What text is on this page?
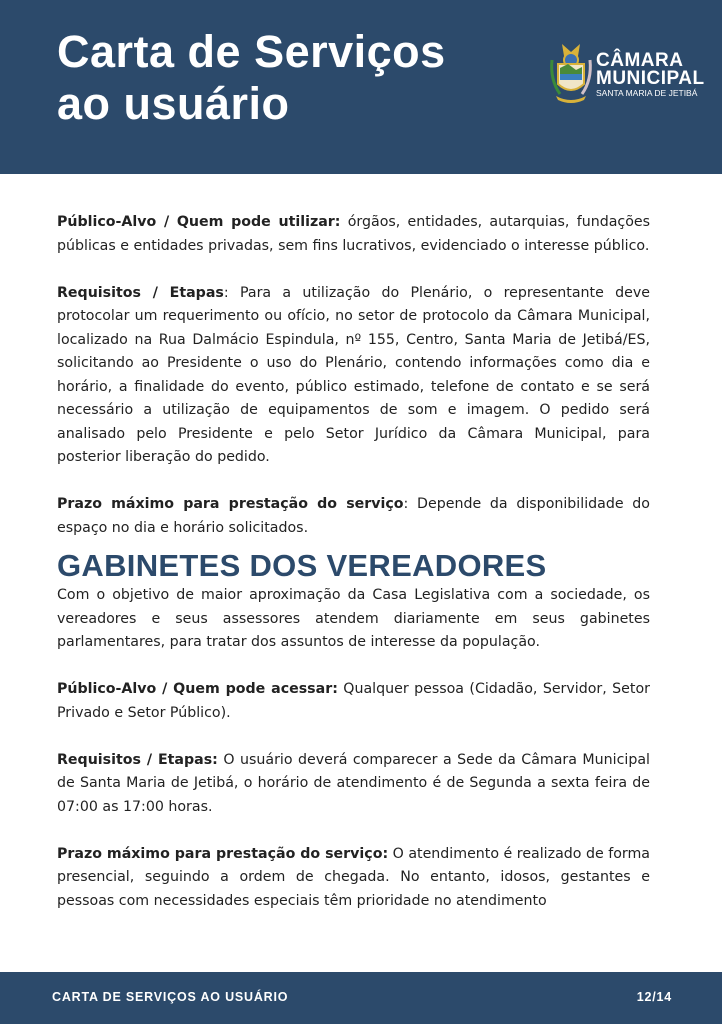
Carta de Serviços
ao usuário
CÂMARA
MUNICIPAL
SANTA MARIA DE JETIBÁ

Público-Alvo / Quem pode utilizar: órgãos, entidades, autarquias, fundações públicas e entidades privadas, sem fins lucrativos, evidenciado o interesse público.

Requisitos / Etapas: Para a utilização do Plenário, o representante deve protocolar um requerimento ou ofício, no setor de protocolo da Câmara Municipal, localizado na Rua Dalmácio Espindula, nº 155, Centro, Santa Maria de Jetibá/ES, solicitando ao Presidente o uso do Plenário, contendo informações como dia e horário, a finalidade do evento, público estimado, telefone de contato e se será necessário a utilização de equipamentos de som e imagem. O pedido será analisado pelo Presidente e pelo Setor Jurídico da Câmara Municipal, para posterior liberação do pedido.

Prazo máximo para prestação do serviço: Depende da disponibilidade do espaço no dia e horário solicitados.

GABINETES DOS VEREADORES

Com o objetivo de maior aproximação da Casa Legislativa com a sociedade, os vereadores e seus assessores atendem diariamente em seus gabinetes parlamentares, para tratar dos assuntos de interesse da população.

Público-Alvo / Quem pode acessar: Qualquer pessoa (Cidadão, Servidor, Setor Privado e Setor Público).

Requisitos / Etapas: O usuário deverá comparecer a Sede da Câmara Municipal de Santa Maria de Jetibá, o horário de atendimento é de Segunda a sexta feira de 07:00 as 17:00 horas.

Prazo máximo para prestação do serviço: O atendimento é realizado de forma presencial, seguindo a ordem de chegada. No entanto, idosos, gestantes e pessoas com necessidades especiais têm prioridade no atendimento

CARTA DE SERVIÇOS AO USUÁRIO	12/14
